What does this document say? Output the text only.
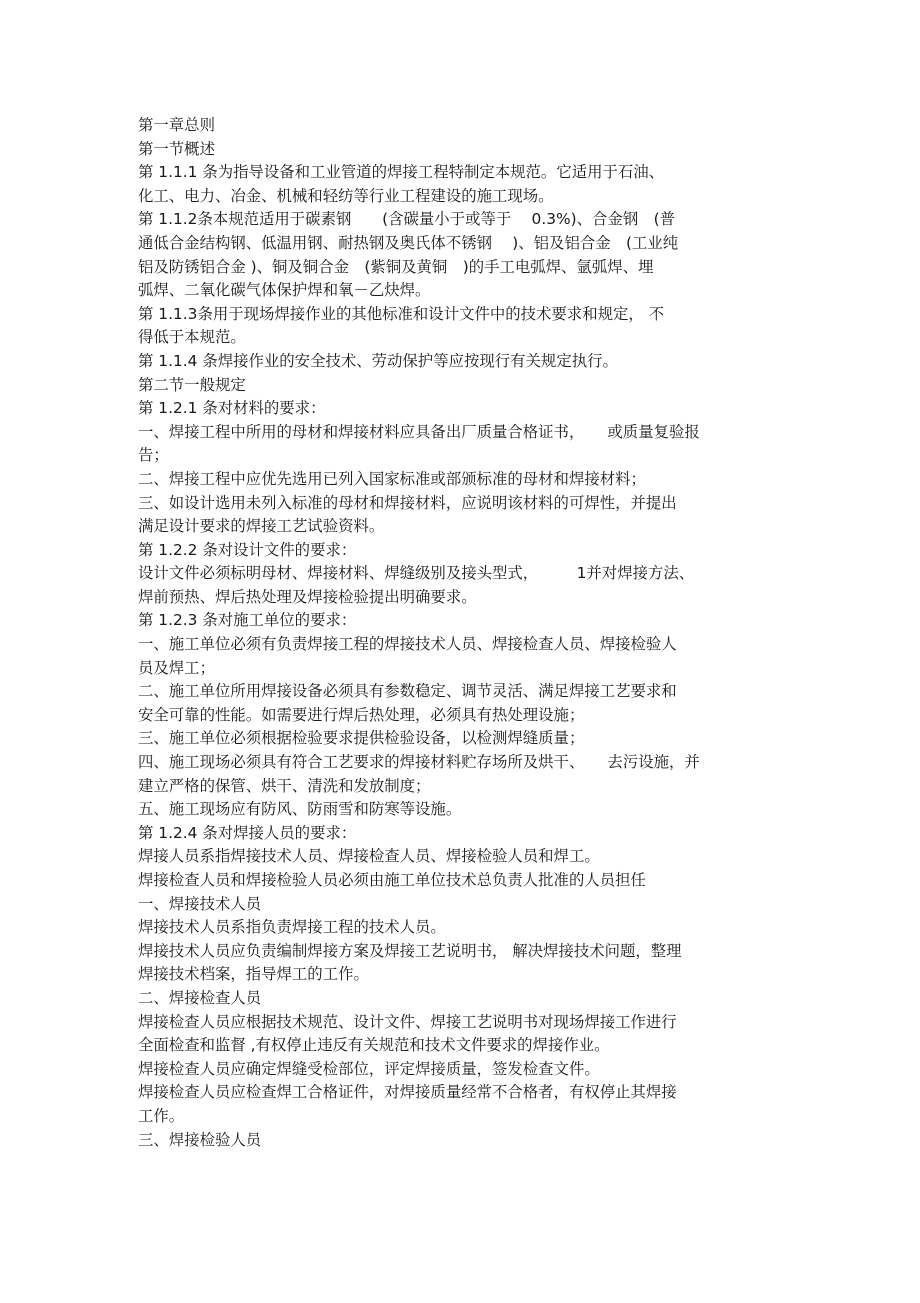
第一章总则
第一节概述
第 1.1.1 条为指导设备和工业管道的焊接工程特制定本规范。它适用于石油、
化工、电力、冶金、机械和轻纺等行业工程建设的施工现场。
第 1.1.2条本规范适用于碳素钢　　(含碳量小于或等于　 0.3%)、合金钢　(普
通低合金结构钢、低温用钢、耐热钢及奥氏体不锈钢　 )、铝及铝合金　(工业纯
铝及防锈铝合金 )、铜及铜合金　(紫铜及黄铜　)的手工电弧焊、氩弧焊、埋
弧焊、二氧化碳气体保护焊和氧－乙炔焊。
第 1.1.3条用于现场焊接作业的其他标准和设计文件中的技术要求和规定， 不
得低于本规范。
第 1.1.4 条焊接作业的安全技术、劳动保护等应按现行有关规定执行。
第二节一般规定
第 1.2.1 条对材料的要求：
一、焊接工程中所用的母材和焊接材料应具备出厂质量合格证书，　　或质量复验报
告；
二、焊接工程中应优先选用已列入国家标准或部颁标准的母材和焊接材料；
三、如设计选用未列入标准的母材和焊接材料，应说明该材料的可焊性，并提出
满足设计要求的焊接工艺试验资料。
第 1.2.2 条对设计文件的要求：
设计文件必须标明母材、焊接材料、焊缝级别及接头型式，　　　1并对焊接方法、
焊前预热、焊后热处理及焊接检验提出明确要求。
第 1.2.3 条对施工单位的要求：
一、施工单位必须有负责焊接工程的焊接技术人员、焊接检查人员、焊接检验人
员及焊工；
二、施工单位所用焊接设备必须具有参数稳定、调节灵活、满足焊接工艺要求和
安全可靠的性能。如需要进行焊后热处理，必须具有热处理设施；
三、施工单位必须根据检验要求提供检验设备，以检测焊缝质量；
四、施工现场必须具有符合工艺要求的焊接材料贮存场所及烘干、　　去污设施，并
建立严格的保管、烘干、清洗和发放制度；
五、施工现场应有防风、防雨雪和防寒等设施。
第 1.2.4 条对焊接人员的要求：
焊接人员系指焊接技术人员、焊接检查人员、焊接检验人员和焊工。
焊接检查人员和焊接检验人员必须由施工单位技术总负责人批准的人员担任
一、焊接技术人员
焊接技术人员系指负责焊接工程的技术人员。
焊接技术人员应负责编制焊接方案及焊接工艺说明书， 解决焊接技术问题，整理
焊接技术档案，指导焊工的工作。
二、焊接检查人员
焊接检查人员应根据技术规范、设计文件、焊接工艺说明书对现场焊接工作进行
全面检查和监督 ,有权停止违反有关规范和技术文件要求的焊接作业。
焊接检查人员应确定焊缝受检部位，评定焊接质量，签发检查文件。
焊接检查人员应检查焊工合格证件，对焊接质量经常不合格者，有权停止其焊接
工作。
三、焊接检验人员
